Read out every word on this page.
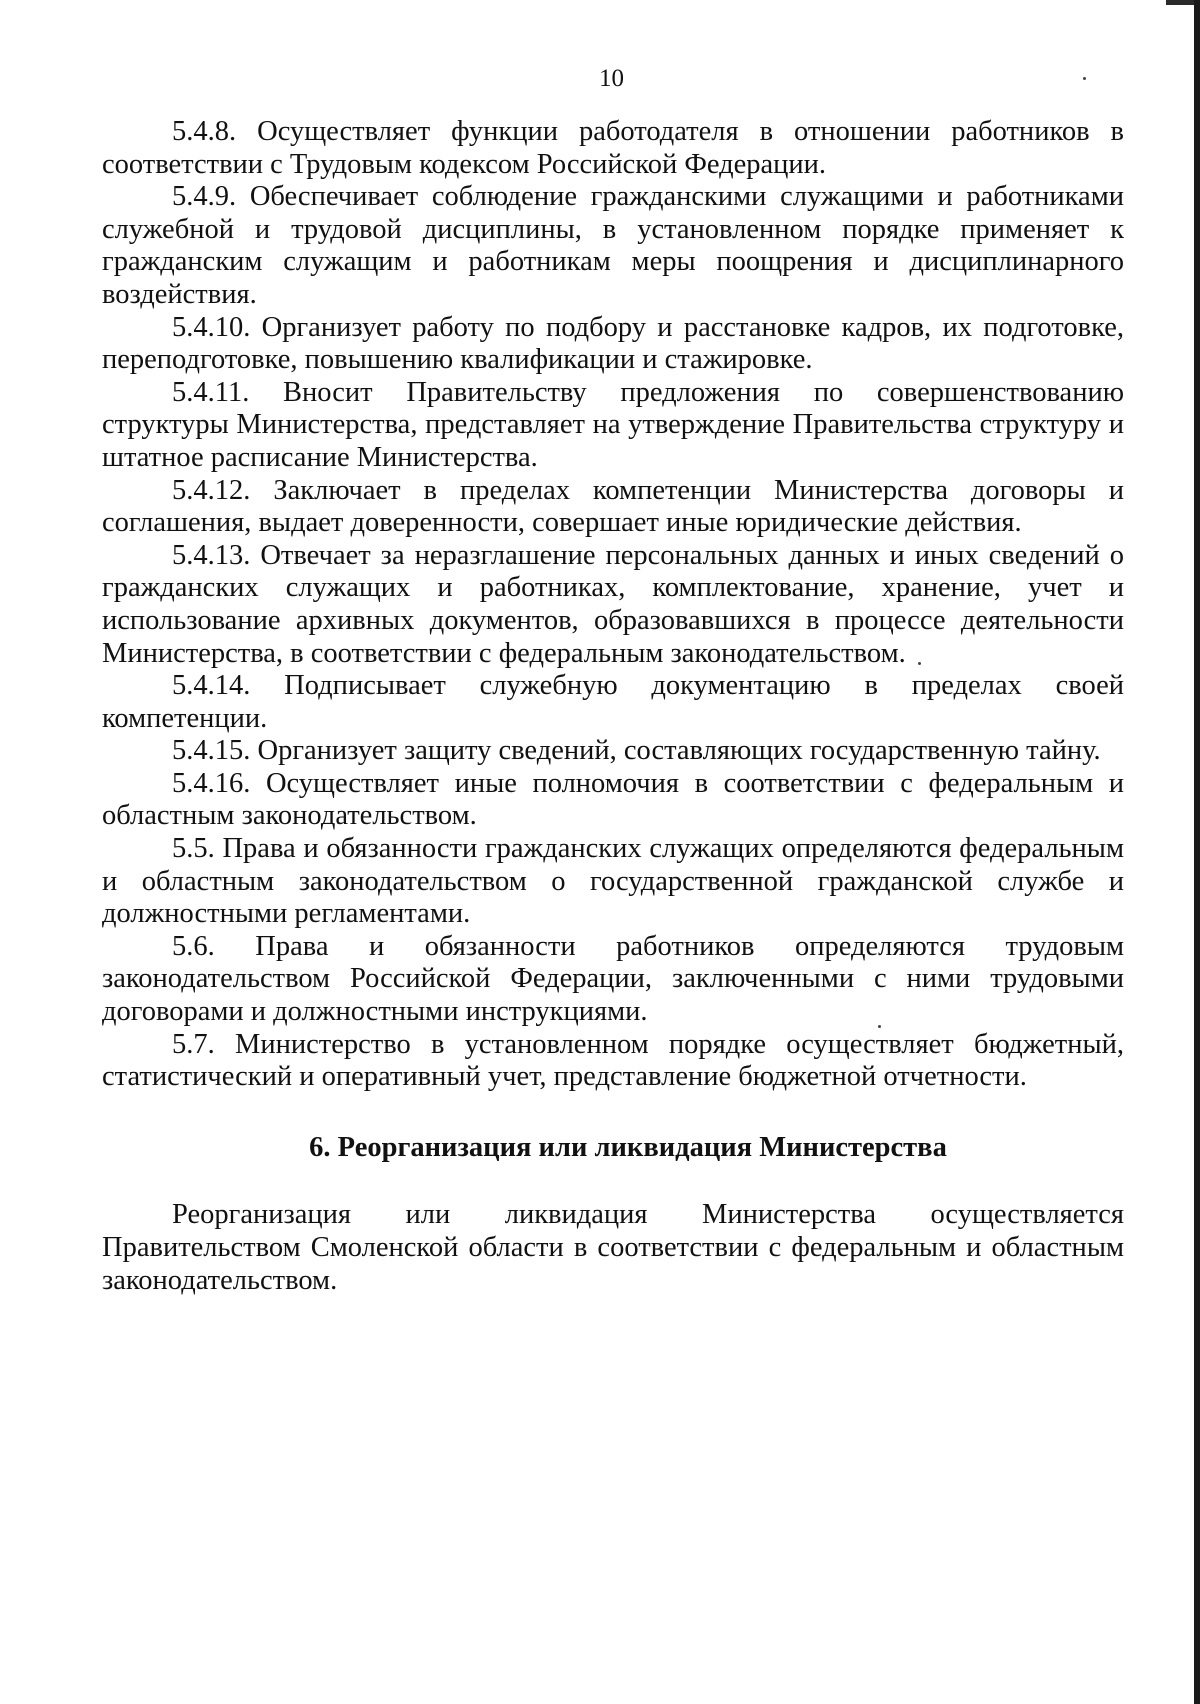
10

5.4.8. Осуществляет функции работодателя в отношении работников в соответствии с Трудовым кодексом Российской Федерации.

5.4.9. Обеспечивает соблюдение гражданскими служащими и работниками служебной и трудовой дисциплины, в установленном порядке применяет к гражданским служащим и работникам меры поощрения и дисциплинарного воздействия.

5.4.10. Организует работу по подбору и расстановке кадров, их подготовке, переподготовке, повышению квалификации и стажировке.

5.4.11. Вносит Правительству предложения по совершенствованию структуры Министерства, представляет на утверждение Правительства структуру и штатное расписание Министерства.

5.4.12. Заключает в пределах компетенции Министерства договоры и соглашения, выдает доверенности, совершает иные юридические действия.

5.4.13. Отвечает за неразглашение персональных данных и иных сведений о гражданских служащих и работниках, комплектование, хранение, учет и использование архивных документов, образовавшихся в процессе деятельности Министерства, в соответствии с федеральным законодательством.

5.4.14. Подписывает служебную документацию в пределах своей компетенции.

5.4.15. Организует защиту сведений, составляющих государственную тайну.

5.4.16. Осуществляет иные полномочия в соответствии с федеральным и областным законодательством.

5.5. Права и обязанности гражданских служащих определяются федеральным и областным законодательством о государственной гражданской службе и должностными регламентами.

5.6. Права и обязанности работников определяются трудовым законодательством Российской Федерации, заключенными с ними трудовыми договорами и должностными инструкциями.

5.7. Министерство в установленном порядке осуществляет бюджетный, статистический и оперативный учет, представление бюджетной отчетности.

6. Реорганизация или ликвидация Министерства

Реорганизация или ликвидация Министерства осуществляется Правительством Смоленской области в соответствии с федеральным и областным законодательством.
